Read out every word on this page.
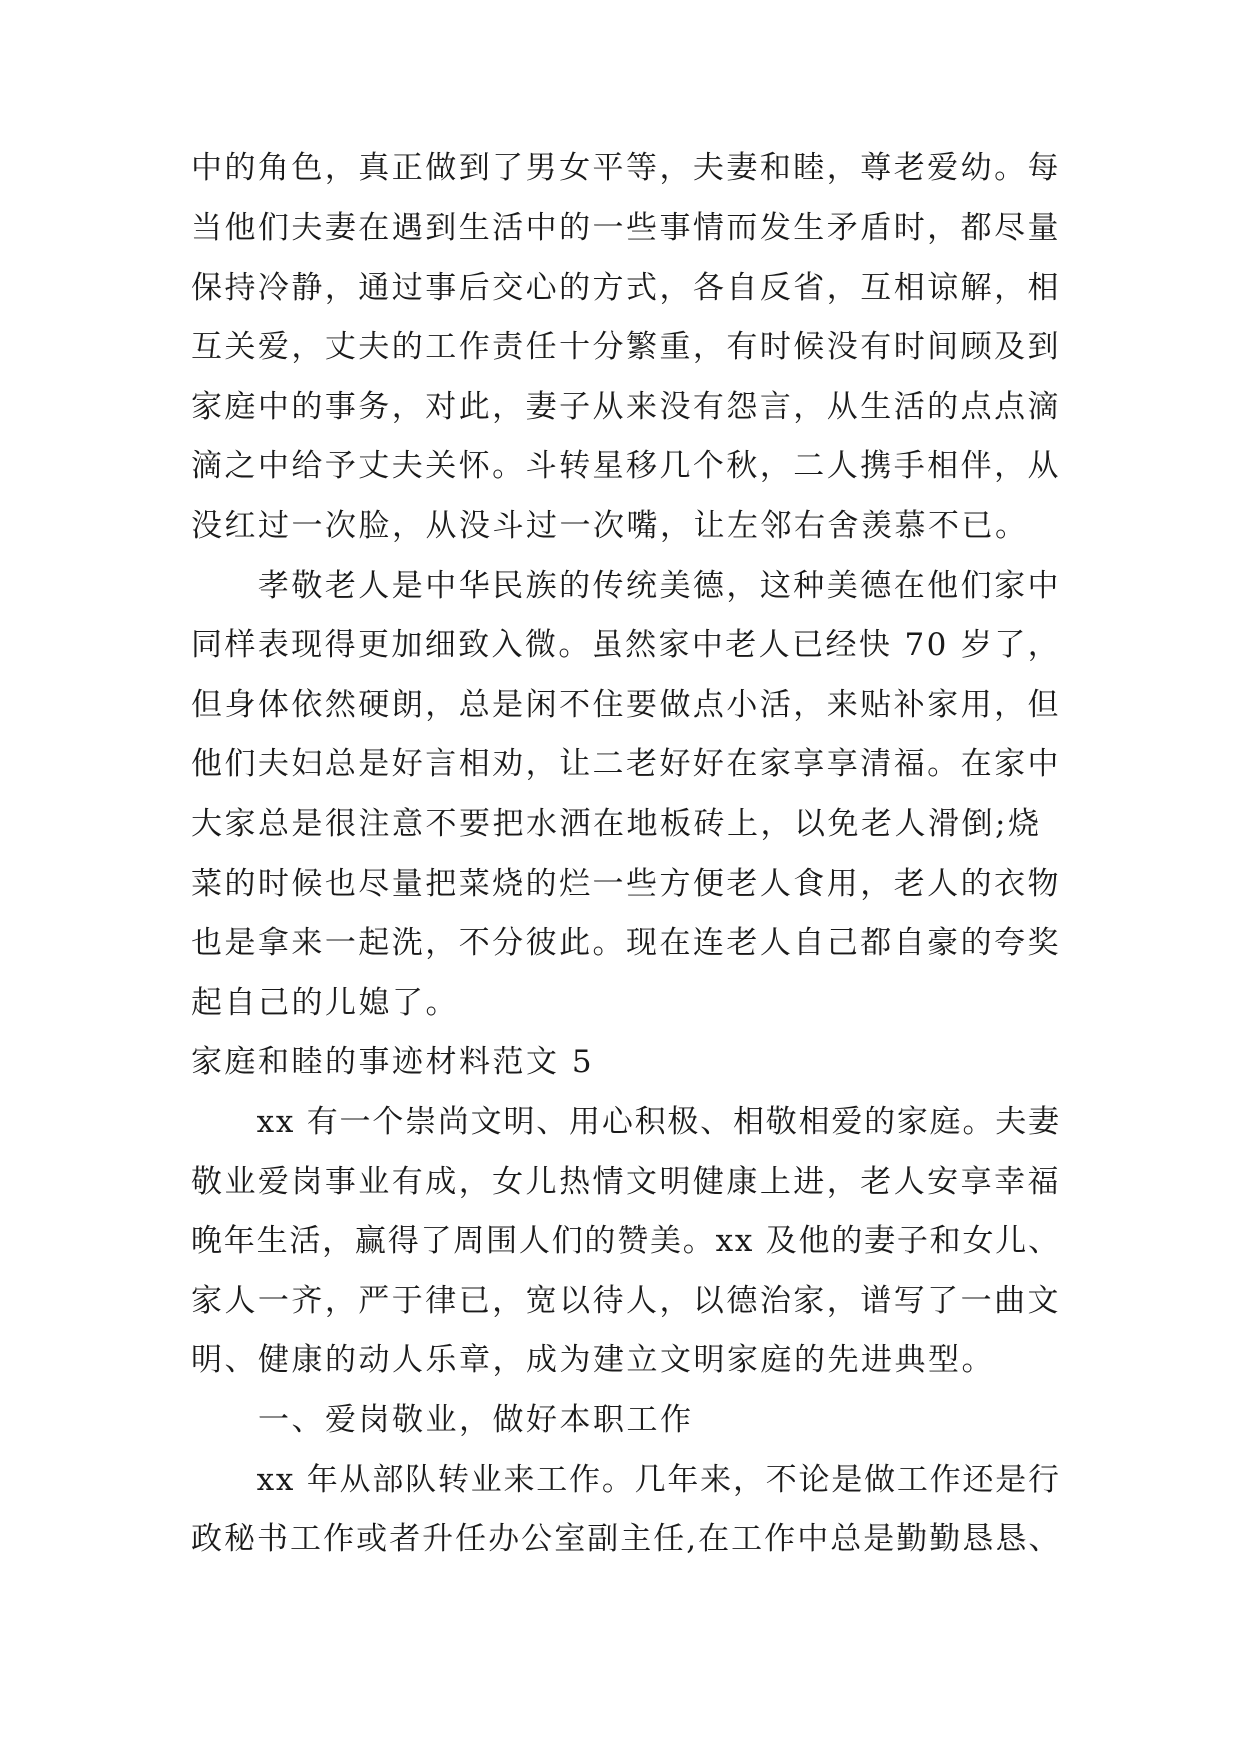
中的角色，真正做到了男女平等，夫妻和睦，尊老爱幼。每
当他们夫妻在遇到生活中的一些事情而发生矛盾时，都尽量
保持冷静，通过事后交心的方式，各自反省，互相谅解，相
互关爱，丈夫的工作责任十分繁重，有时候没有时间顾及到
家庭中的事务，对此，妻子从来没有怨言，从生活的点点滴
滴之中给予丈夫关怀。斗转星移几个秋，二人携手相伴，从
没红过一次脸，从没斗过一次嘴，让左邻右舍羡慕不已。
　　孝敬老人是中华民族的传统美德，这种美德在他们家中
同样表现得更加细致入微。虽然家中老人已经快 70 岁了，
但身体依然硬朗，总是闲不住要做点小活，来贴补家用，但
他们夫妇总是好言相劝，让二老好好在家享享清福。在家中
大家总是很注意不要把水洒在地板砖上，以免老人滑倒;烧
菜的时候也尽量把菜烧的烂一些方便老人食用，老人的衣物
也是拿来一起洗，不分彼此。现在连老人自己都自豪的夸奖
起自己的儿媳了。
家庭和睦的事迹材料范文 5
　　xx 有一个崇尚文明、用心积极、相敬相爱的家庭。夫妻
敬业爱岗事业有成，女儿热情文明健康上进，老人安享幸福
晚年生活，赢得了周围人们的赞美。xx 及他的妻子和女儿、
家人一齐，严于律已，宽以待人，以德治家，谱写了一曲文
明、健康的动人乐章，成为建立文明家庭的先进典型。
　　一、爱岗敬业，做好本职工作
　　xx 年从部队转业来工作。几年来，不论是做工作还是行
政秘书工作或者升任办公室副主任,在工作中总是勤勤恳恳、
